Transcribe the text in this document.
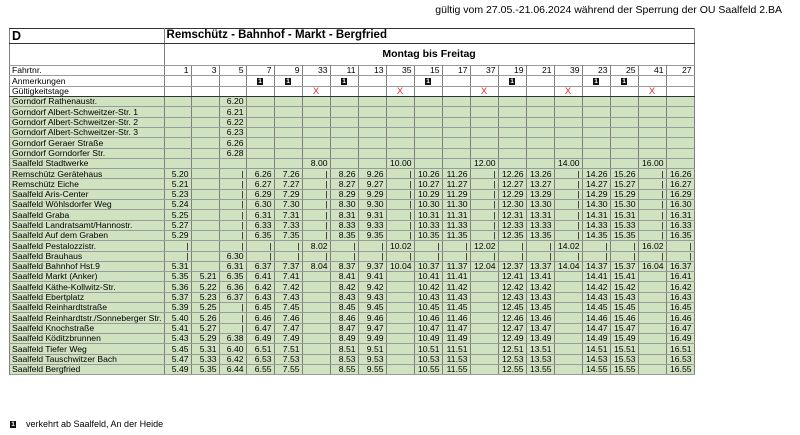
gültig vom 27.05.-21.06.2024 während der Sperrung der OU Saalfeld 2.BA
D	Remschütz - Bahnhof - Markt - Bergfried																		
	Montag bis Freitag																		
Fahrtnr.	1	3	5	7	9	33	11	13	35	15	17	37	19	21	39	23	25	41	27
Anmerkungen				1	1		1			1			1			1	1		
Gültigkeitstage						X			X			X			X			X	
Gorndorf Rathenaustr.			6.20																
Gorndorf Albert-Schweitzer-Str. 1			6.21																
Gorndorf Albert-Schweitzer-Str. 2			6.22																
Gorndorf Albert-Schweitzer-Str. 3			6.23																
Gorndorf Geraer Straße			6.26																
Gorndorf Gorndorfer Str.			6.28																
Saalfeld Stadtwerke						8.00			10.00			12.00			14.00			16.00	
Remschütz Gerätehaus	5.20		|	6.26	7.26	|	8.26	9.26	|	10.26	11.26	|	12.26	13.26	|	14.26	15.26	|	16.26
Remschütz Eiche	5.21		|	6.27	7.27	|	8.27	9.27	|	10.27	11.27	|	12.27	13.27	|	14.27	15.27	|	16.27
Saalfeld Aris-Center	5.23		|	6.29	7.29	|	8.29	9.29	|	10.29	11.29	|	12.29	13.29	|	14.29	15.29	|	16.29
Saalfeld Wöhlsdorfer Weg	5.24		|	6.30	7.30	|	8.30	9.30	|	10.30	11.30	|	12.30	13.30	|	14.30	15.30	|	16.30
Saalfeld Graba	5.25		|	6.31	7.31	|	8.31	9.31	|	10.31	11.31	|	12.31	13.31	|	14.31	15.31	|	16.31
Saalfeld Landratsamt/Hannostr.	5.27		|	6.33	7.33	|	8.33	9.33	|	10.33	11.33	|	12.33	13.33	|	14.33	15.33	|	16.33
Saalfeld Auf dem Graben	5.29		|	6.35	7.35	|	8.35	9.35	|	10.35	11.35	|	12.35	13.35	|	14.35	15.35	|	16.35
Saalfeld Pestalozzistr.	|		|	|	|	8.02	|	|	10.02	|	|	12.02	|	|	14.02	|	|	16.02	|
Saalfeld Brauhaus	|		6.30	|	|	|	|	|	|	|	|	|	|	|	|	|	|	|	|
Saalfeld Bahnhof Hst.9	5.31		6.31	6.37	7.37	8.04	8.37	9.37	10.04	10.37	11.37	12.04	12.37	13.37	14.04	14.37	15.37	16.04	16.37
Saalfeld Markt (Anker)	5.35	5.21	6.35	6.41	7.41		8.41	9.41		10.41	11.41		12.41	13.41		14.41	15.41		16.41
Saalfeld Käthe-Kollwitz-Str.	5.36	5.22	6.36	6.42	7.42		8.42	9.42		10.42	11.42		12.42	13.42		14.42	15.42		16.42
Saalfeld Ebertplatz	5.37	5.23	6.37	6.43	7.43		8.43	9.43		10.43	11.43		12.43	13.43		14.43	15.43		16.43
Saalfeld Reinhardtstraße	5.39	5.25	|	6.45	7.45		8.45	9.45		10.45	11.45		12.45	13.45		14.45	15.45		16.45
Saalfeld Reinhardtstr./Sonneberger Str.	5.40	5.26	|	6.46	7.46		8.46	9.46		10.46	11.46		12.46	13.46		14.46	15.46		16.46
Saalfeld Knochstraße	5.41	5.27	|	6.47	7.47		8.47	9.47		10.47	11.47		12.47	13.47		14.47	15.47		16.47
Saalfeld Köditzbrunnen	5.43	5.29	6.38	6.49	7.49		8.49	9.49		10.49	11.49		12.49	13.49		14.49	15.49		16.49
Saalfeld Tiefer Weg	5.45	5.31	6.40	6.51	7.51		8.51	9.51		10.51	11.51		12.51	13.51		14.51	15.51		16.51
Saalfeld Tauschwitzer Bach	5.47	5.33	6.42	6.53	7.53		8.53	9.53		10.53	11.53		12.53	13.53		14.53	15.53		16.53
Saalfeld Bergfried	5.49	5.35	6.44	6.55	7.55		8.55	9.55		10.55	11.55		12.55	13.55		14.55	15.55		16.55
1 verkehrt ab Saalfeld, An der Heide
